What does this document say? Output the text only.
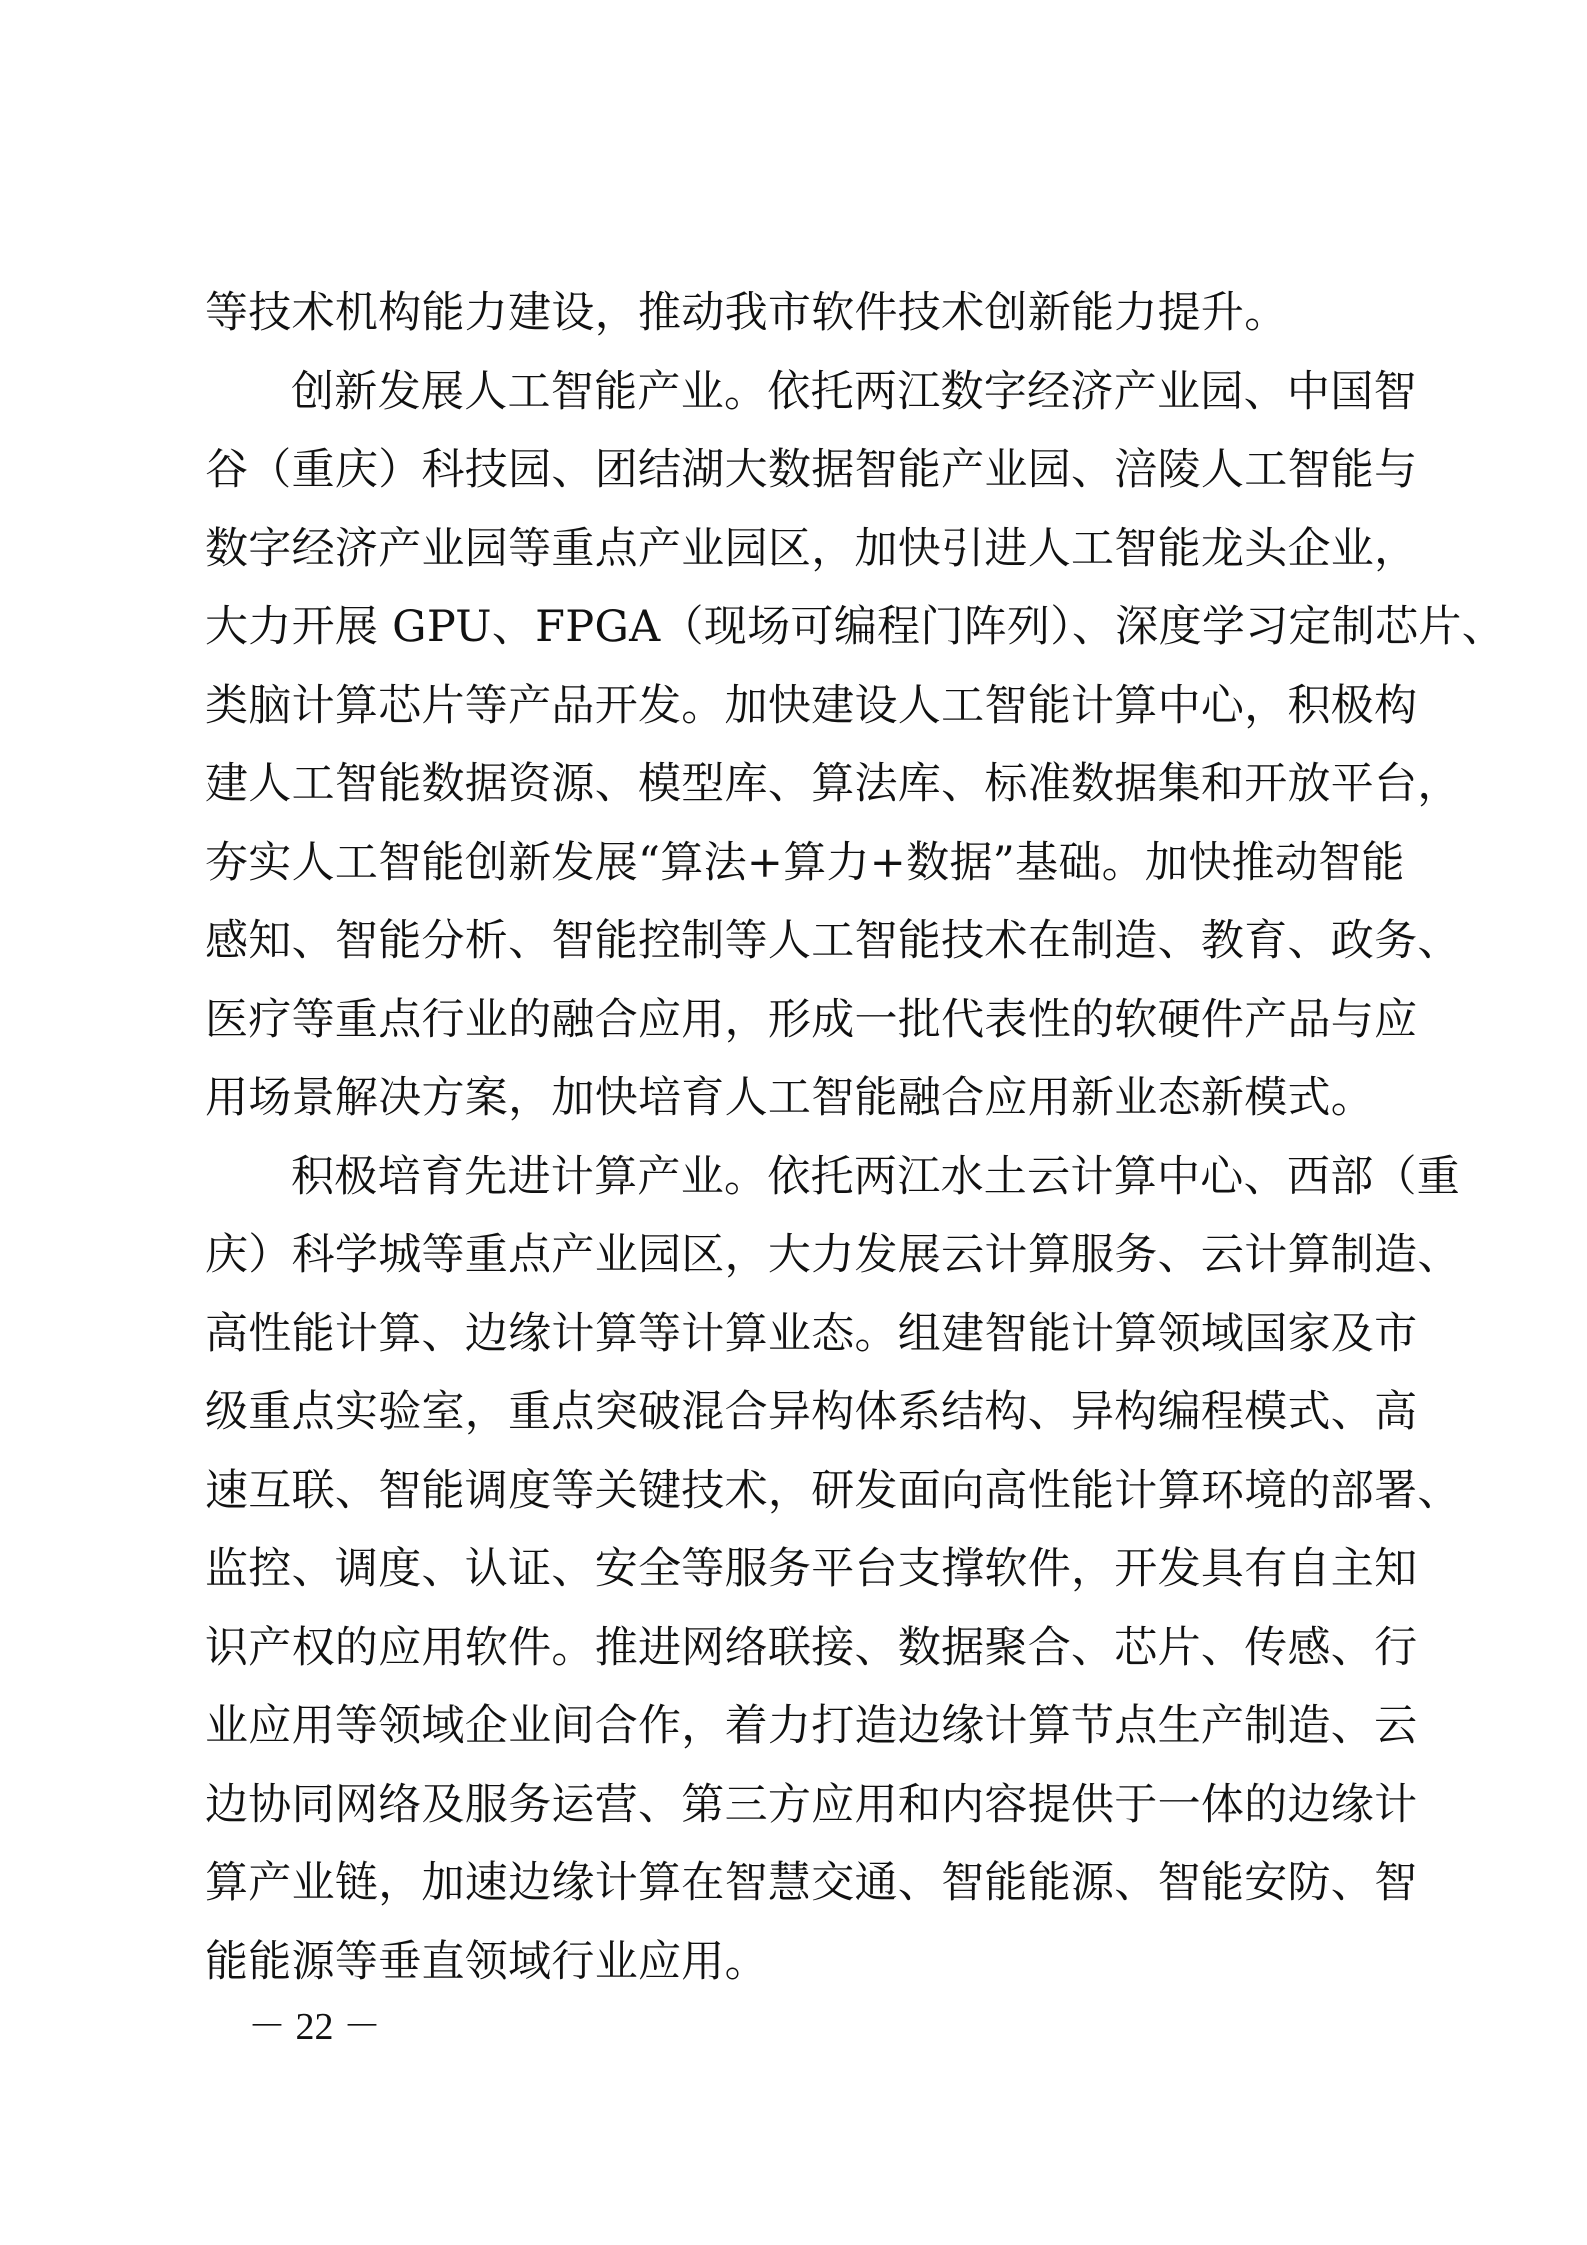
等技术机构能力建设，推动我市软件技术创新能力提升。
创新发展人工智能产业。依托两江数字经济产业园、中国智
谷（重庆）科技园、团结湖大数据智能产业园、涪陵人工智能与
数字经济产业园等重点产业园区，加快引进人工智能龙头企业，
大力开展 GPU、FPGA（现场可编程门阵列）、深度学习定制芯片、
类脑计算芯片等产品开发。加快建设人工智能计算中心，积极构
建人工智能数据资源、模型库、算法库、标准数据集和开放平台，
夯实人工智能创新发展“算法+算力+数据”基础。加快推动智能
感知、智能分析、智能控制等人工智能技术在制造、教育、政务、
医疗等重点行业的融合应用，形成一批代表性的软硬件产品与应
用场景解决方案，加快培育人工智能融合应用新业态新模式。
积极培育先进计算产业。依托两江水土云计算中心、西部（重
庆）科学城等重点产业园区，大力发展云计算服务、云计算制造、
高性能计算、边缘计算等计算业态。组建智能计算领域国家及市
级重点实验室，重点突破混合异构体系结构、异构编程模式、高
速互联、智能调度等关键技术，研发面向高性能计算环境的部署、
监控、调度、认证、安全等服务平台支撑软件，开发具有自主知
识产权的应用软件。推进网络联接、数据聚合、芯片、传感、行
业应用等领域企业间合作，着力打造边缘计算节点生产制造、云
边协同网络及服务运营、第三方应用和内容提供于一体的边缘计
算产业链，加速边缘计算在智慧交通、智能能源、智能安防、智
能能源等垂直领域行业应用。
－ 22 －
